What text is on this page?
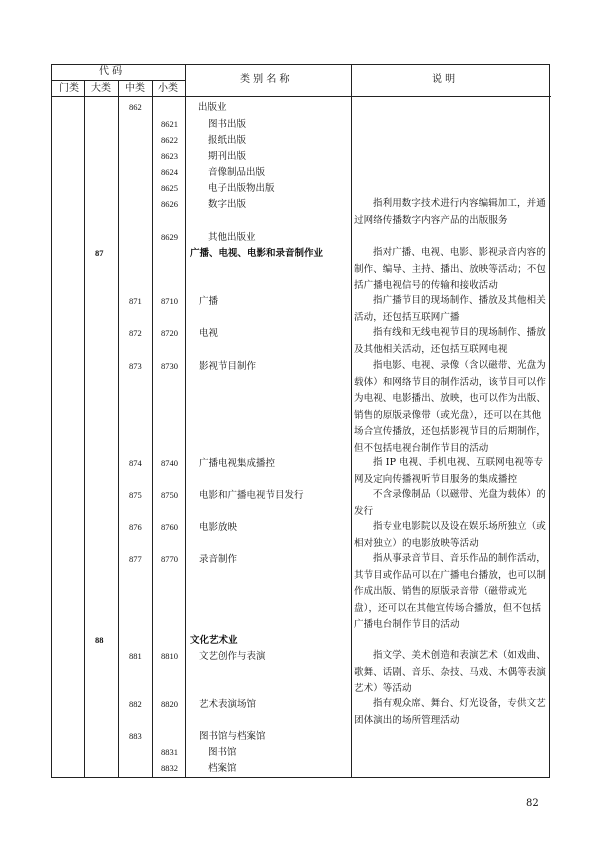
代 码
门类 大类 中类 小类
类 别 名 称	说 明
862	出版业
8621	图书出版
8622	报纸出版
8623	期刊出版
8624	音像制品出版
8625	电子出版物出版
8626	数字出版	指利用数字技术进行内容编辑加工，并通过网络传播数字内容产品的出版服务
8629	其他出版业
87	广播、电视、电影和录音制作业	指对广播、电视、电影、影视录音内容的制作、编导、主持、播出、放映等活动；不包括广播电视信号的传输和接收活动
871 8710 广播	指广播节目的现场制作、播放及其他相关活动，还包括互联网广播
872 8720 电视	指有线和无线电视节目的现场制作、播放及其他相关活动，还包括互联网电视
873 8730 影视节目制作	指电影、电视、录像（含以磁带、光盘为载体）和网络节目的制作活动，该节目可以作为电视、电影播出、放映，也可以作为出版、销售的原版录像带（或光盘），还可以在其他场合宣传播放，还包括影视节目的后期制作，但不包括电视台制作节目的活动
874 8740 广播电视集成播控	指 IP 电视、手机电视、互联网电视等专网及定向传播视听节目服务的集成播控
875 8750 电影和广播电视节目发行	不含录像制品（以磁带、光盘为载体）的发行
876 8760 电影放映	指专业电影院以及设在娱乐场所独立（或相对独立）的电影放映等活动
877 8770 录音制作	指从事录音节目、音乐作品的制作活动，其节目或作品可以在广播电台播放，也可以制作成出版、销售的原版录音带（磁带或光盘），还可以在其他宣传场合播放，但不包括广播电台制作节目的活动
88	文化艺术业
881 8810 文艺创作与表演	指文学、美术创造和表演艺术（如戏曲、歌舞、话剧、音乐、杂技、马戏、木偶等表演艺术）等活动
882 8820 艺术表演场馆	指有观众席、舞台、灯光设备，专供文艺团体演出的场所管理活动
883	图书馆与档案馆
8831	图书馆
8832	档案馆
82
